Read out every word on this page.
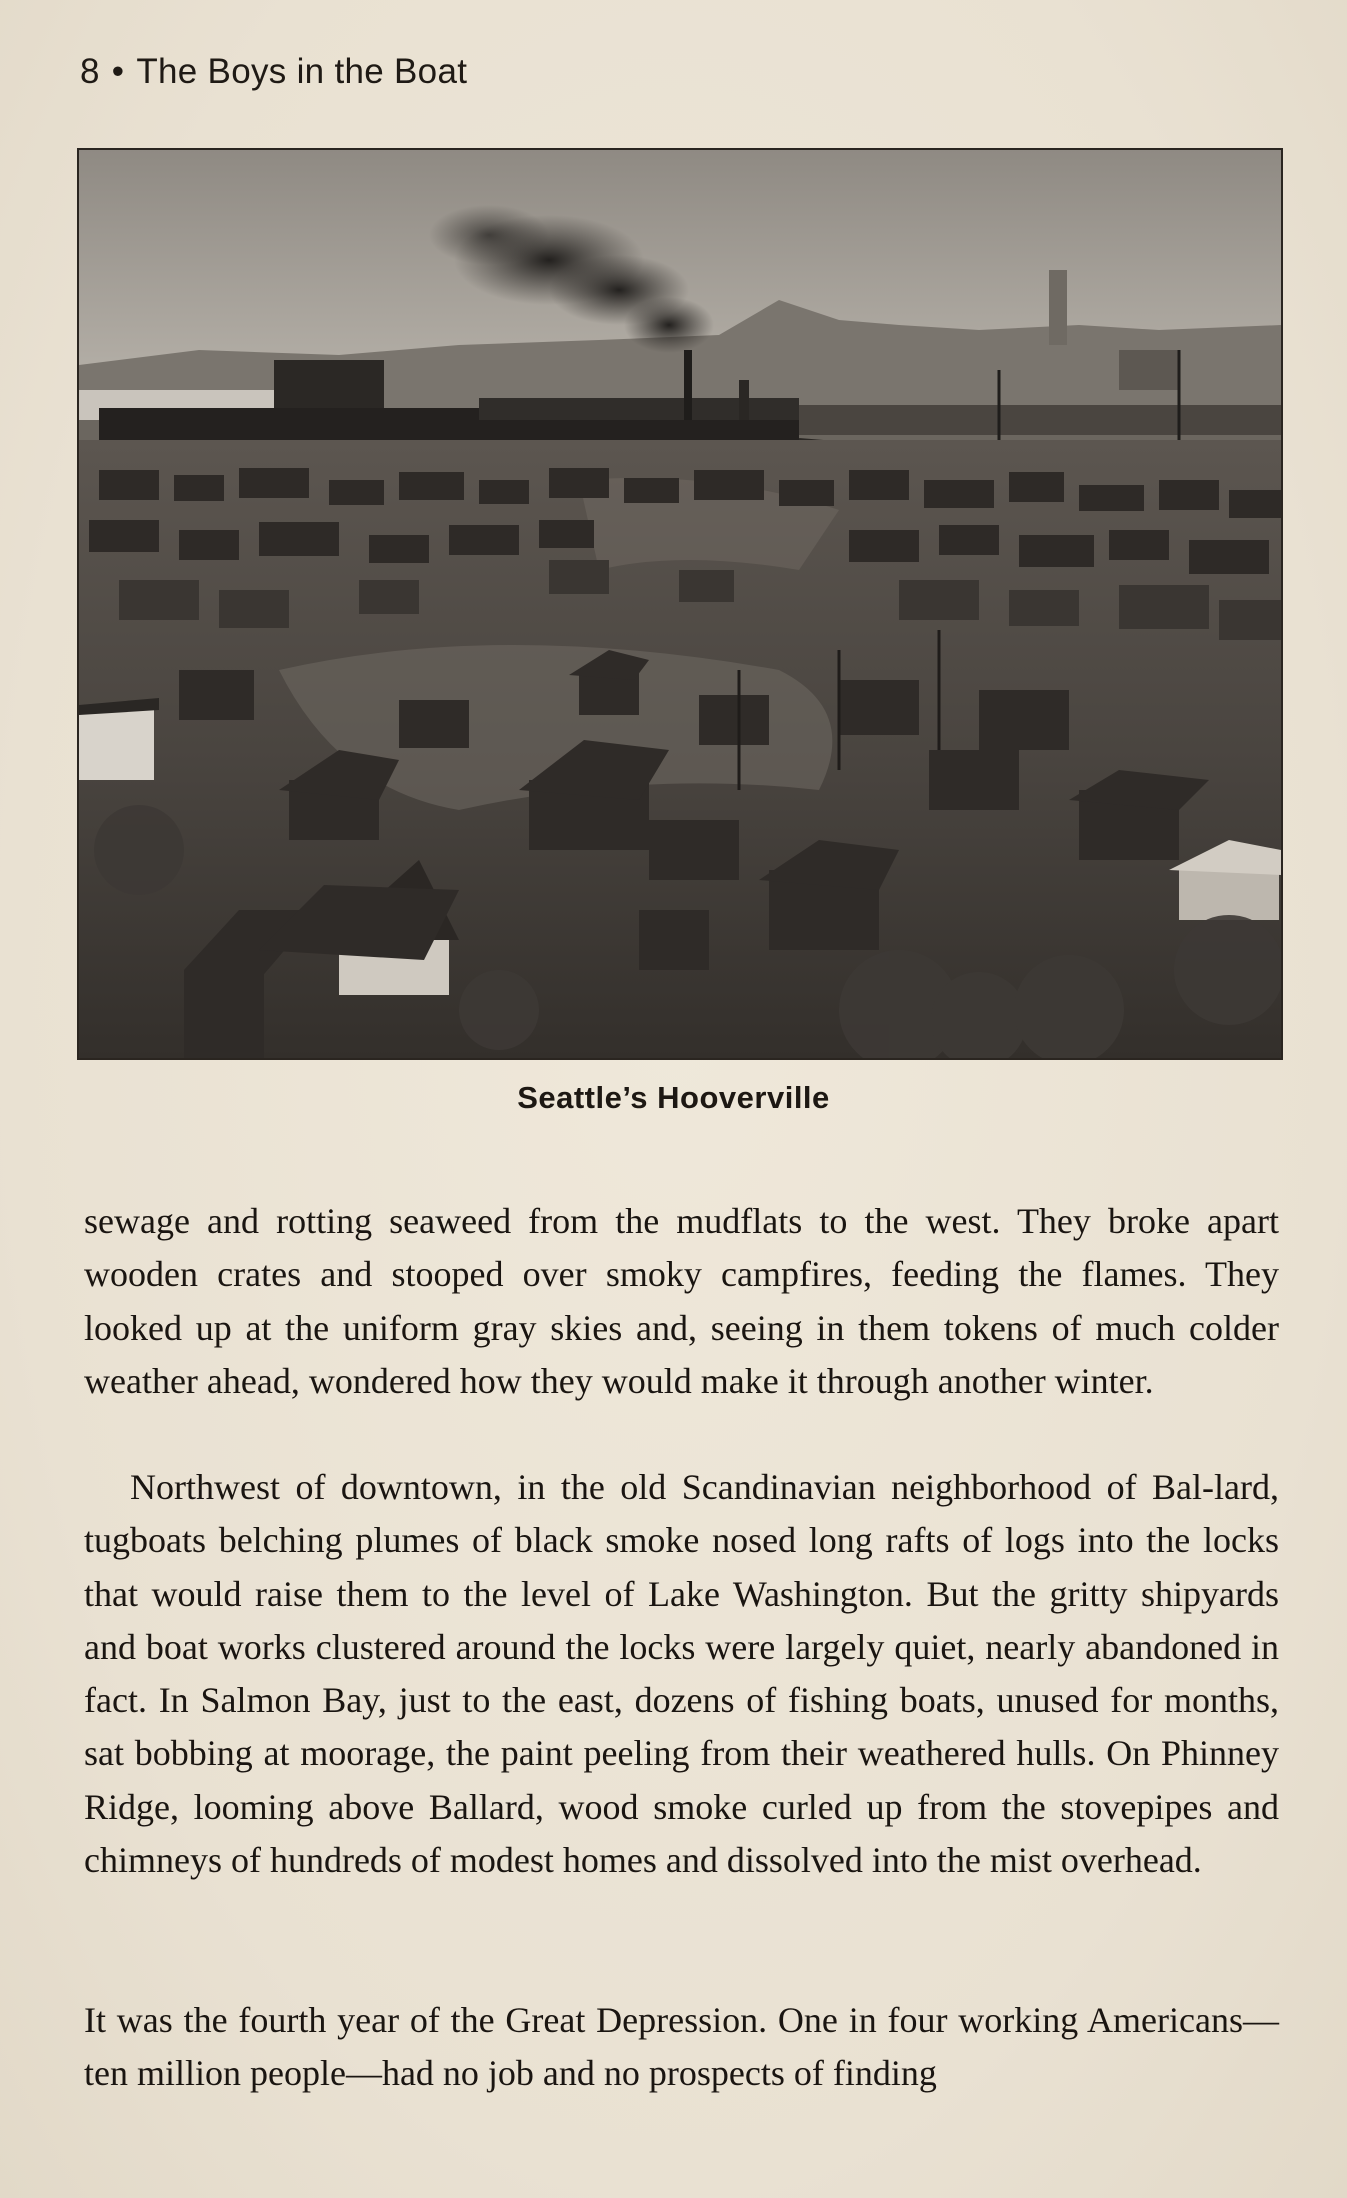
8 • The Boys in the Boat
Seattle’s Hooverville

sewage and rotting seaweed from the mudflats to the west. They broke apart wooden crates and stooped over smoky campfires, feeding the flames. They looked up at the uniform gray skies and, seeing in them tokens of much colder weather ahead, wondered how they would make it through another winter.

Northwest of downtown, in the old Scandinavian neighborhood of Bal-lard, tugboats belching plumes of black smoke nosed long rafts of logs into the locks that would raise them to the level of Lake Washington. But the gritty shipyards and boat works clustered around the locks were largely quiet, nearly abandoned in fact. In Salmon Bay, just to the east, dozens of fishing boats, unused for months, sat bobbing at moorage, the paint peeling from their weathered hulls. On Phinney Ridge, looming above Ballard, wood smoke curled up from the stovepipes and chimneys of hundreds of modest homes and dissolved into the mist overhead.

It was the fourth year of the Great Depression. One in four working Americans—ten million people—had no job and no prospects of finding
